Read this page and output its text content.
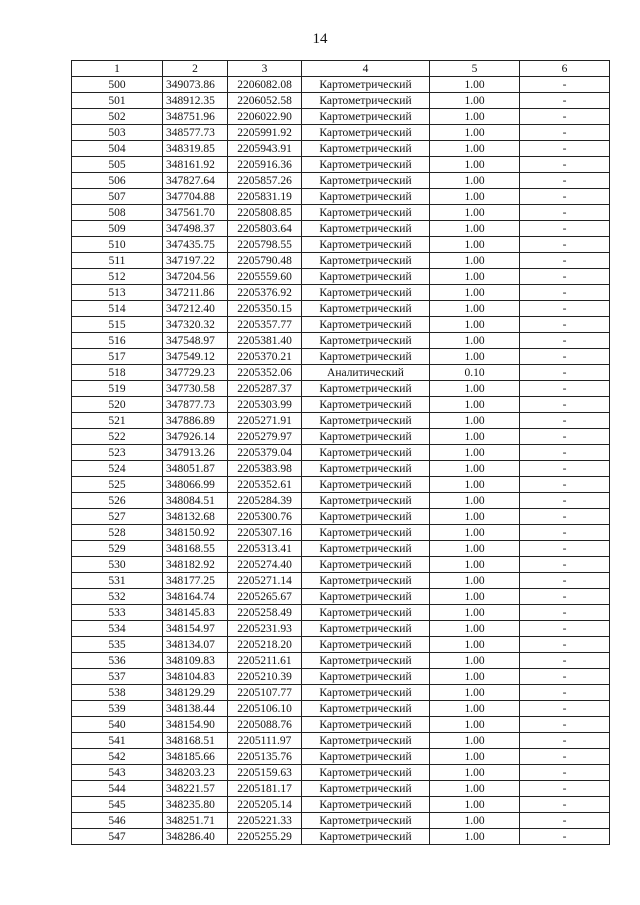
14
1	2	3	4	5	6
500	349073.86	2206082.08	Картометрический	1.00	-
501	348912.35	2206052.58	Картометрический	1.00	-
502	348751.96	2206022.90	Картометрический	1.00	-
503	348577.73	2205991.92	Картометрический	1.00	-
504	348319.85	2205943.91	Картометрический	1.00	-
505	348161.92	2205916.36	Картометрический	1.00	-
506	347827.64	2205857.26	Картометрический	1.00	-
507	347704.88	2205831.19	Картометрический	1.00	-
508	347561.70	2205808.85	Картометрический	1.00	-
509	347498.37	2205803.64	Картометрический	1.00	-
510	347435.75	2205798.55	Картометрический	1.00	-
511	347197.22	2205790.48	Картометрический	1.00	-
512	347204.56	2205559.60	Картометрический	1.00	-
513	347211.86	2205376.92	Картометрический	1.00	-
514	347212.40	2205350.15	Картометрический	1.00	-
515	347320.32	2205357.77	Картометрический	1.00	-
516	347548.97	2205381.40	Картометрический	1.00	-
517	347549.12	2205370.21	Картометрический	1.00	-
518	347729.23	2205352.06	Аналитический	0.10	-
519	347730.58	2205287.37	Картометрический	1.00	-
520	347877.73	2205303.99	Картометрический	1.00	-
521	347886.89	2205271.91	Картометрический	1.00	-
522	347926.14	2205279.97	Картометрический	1.00	-
523	347913.26	2205379.04	Картометрический	1.00	-
524	348051.87	2205383.98	Картометрический	1.00	-
525	348066.99	2205352.61	Картометрический	1.00	-
526	348084.51	2205284.39	Картометрический	1.00	-
527	348132.68	2205300.76	Картометрический	1.00	-
528	348150.92	2205307.16	Картометрический	1.00	-
529	348168.55	2205313.41	Картометрический	1.00	-
530	348182.92	2205274.40	Картометрический	1.00	-
531	348177.25	2205271.14	Картометрический	1.00	-
532	348164.74	2205265.67	Картометрический	1.00	-
533	348145.83	2205258.49	Картометрический	1.00	-
534	348154.97	2205231.93	Картометрический	1.00	-
535	348134.07	2205218.20	Картометрический	1.00	-
536	348109.83	2205211.61	Картометрический	1.00	-
537	348104.83	2205210.39	Картометрический	1.00	-
538	348129.29	2205107.77	Картометрический	1.00	-
539	348138.44	2205106.10	Картометрический	1.00	-
540	348154.90	2205088.76	Картометрический	1.00	-
541	348168.51	2205111.97	Картометрический	1.00	-
542	348185.66	2205135.76	Картометрический	1.00	-
543	348203.23	2205159.63	Картометрический	1.00	-
544	348221.57	2205181.17	Картометрический	1.00	-
545	348235.80	2205205.14	Картометрический	1.00	-
546	348251.71	2205221.33	Картометрический	1.00	-
547	348286.40	2205255.29	Картометрический	1.00	-
